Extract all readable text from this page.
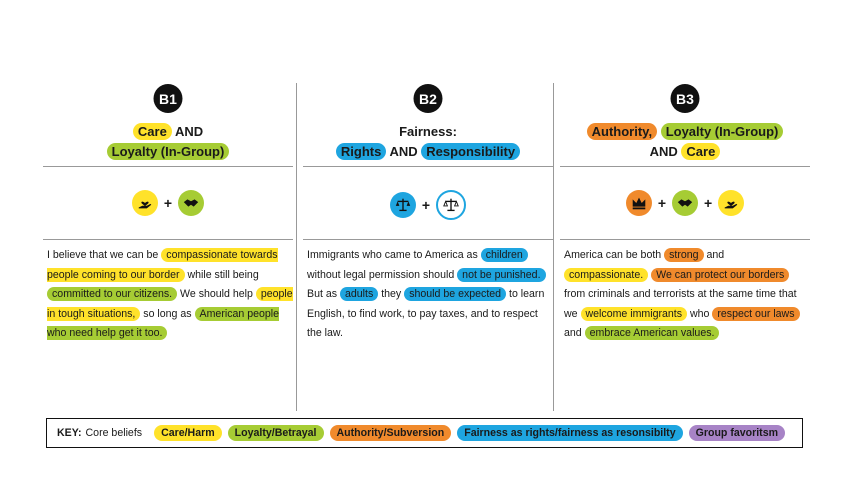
B1
Care AND
Loyalty (In-Group)
+
I believe that we can be compassionate towards people coming to our border while still being committed to our citizens. We should help people in tough situations, so long as American people who need help get it too.
B2
Fairness:
Rights AND Responsibility
+
Immigrants who came to America as children without legal permission should not be punished. But as adults they should be expected to learn English, to find work, to pay taxes, and to respect the law.
B3
Authority, Loyalty (In-Group)
AND Care
+	+
America can be both strong and compassionate. We can protect our borders from criminals and terrorists at the same time that we welcome immigrants who respect our laws and embrace American values.
KEY: Core beliefs	Care/Harm	Loyalty/Betrayal	Authority/Subversion	Fairness as rights/fairness as resonsibilty	Group favoritsm
